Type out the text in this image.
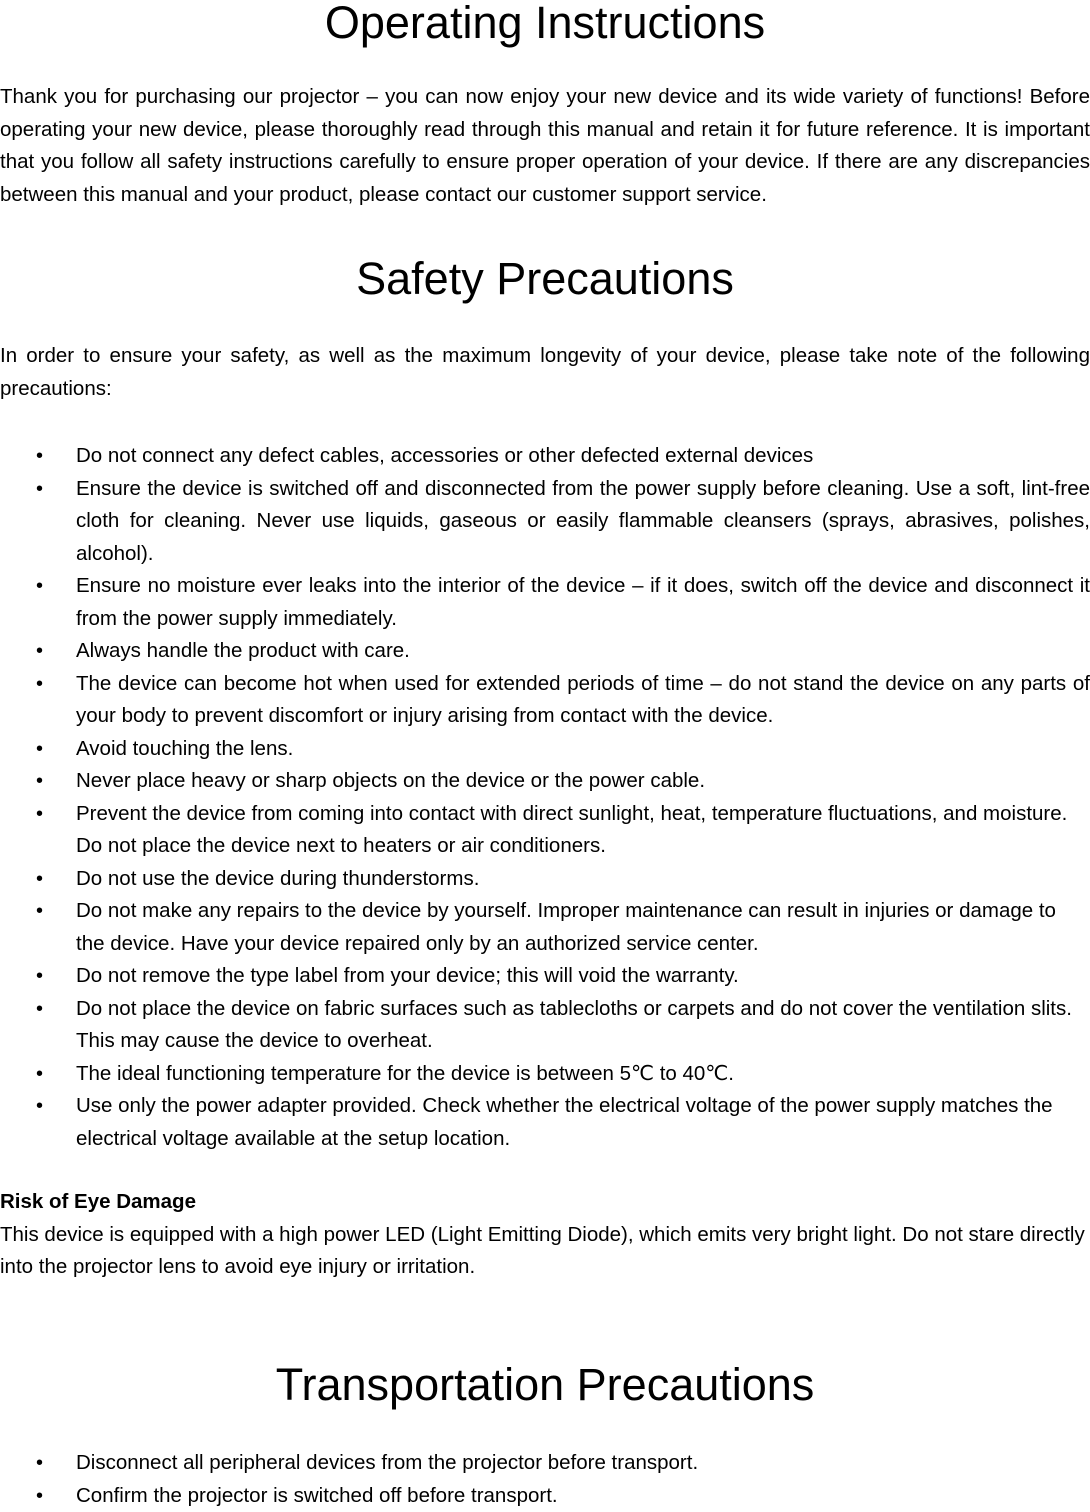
Operating Instructions

Thank you for purchasing our projector – you can now enjoy your new device and its wide variety of functions! Before operating your new device, please thoroughly read through this manual and retain it for future reference. It is important that you follow all safety instructions carefully to ensure proper operation of your device. If there are any discrepancies between this manual and your product, please contact our customer support service.

Safety Precautions

In order to ensure your safety, as well as the maximum longevity of your device, please take note of the following precautions:

• Do not connect any defect cables, accessories or other defected external devices
• Ensure the device is switched off and disconnected from the power supply before cleaning. Use a soft, lint-free cloth for cleaning. Never use liquids, gaseous or easily flammable cleansers (sprays, abrasives, polishes, alcohol).
• Ensure no moisture ever leaks into the interior of the device – if it does, switch off the device and disconnect it from the power supply immediately.
• Always handle the product with care.
• The device can become hot when used for extended periods of time – do not stand the device on any parts of your body to prevent discomfort or injury arising from contact with the device.
• Avoid touching the lens.
• Never place heavy or sharp objects on the device or the power cable.
• Prevent the device from coming into contact with direct sunlight, heat, temperature fluctuations, and moisture. Do not place the device next to heaters or air conditioners.
• Do not use the device during thunderstorms.
• Do not make any repairs to the device by yourself. Improper maintenance can result in injuries or damage to the device. Have your device repaired only by an authorized service center.
• Do not remove the type label from your device; this will void the warranty.
• Do not place the device on fabric surfaces such as tablecloths or carpets and do not cover the ventilation slits. This may cause the device to overheat.
• The ideal functioning temperature for the device is between 5℃ to 40℃.
• Use only the power adapter provided. Check whether the electrical voltage of the power supply matches the electrical voltage available at the setup location.

Risk of Eye Damage

This device is equipped with a high power LED (Light Emitting Diode), which emits very bright light. Do not stare directly into the projector lens to avoid eye injury or irritation.

Transportation Precautions
• Disconnect all peripheral devices from the projector before transport.
• Confirm the projector is switched off before transport.
